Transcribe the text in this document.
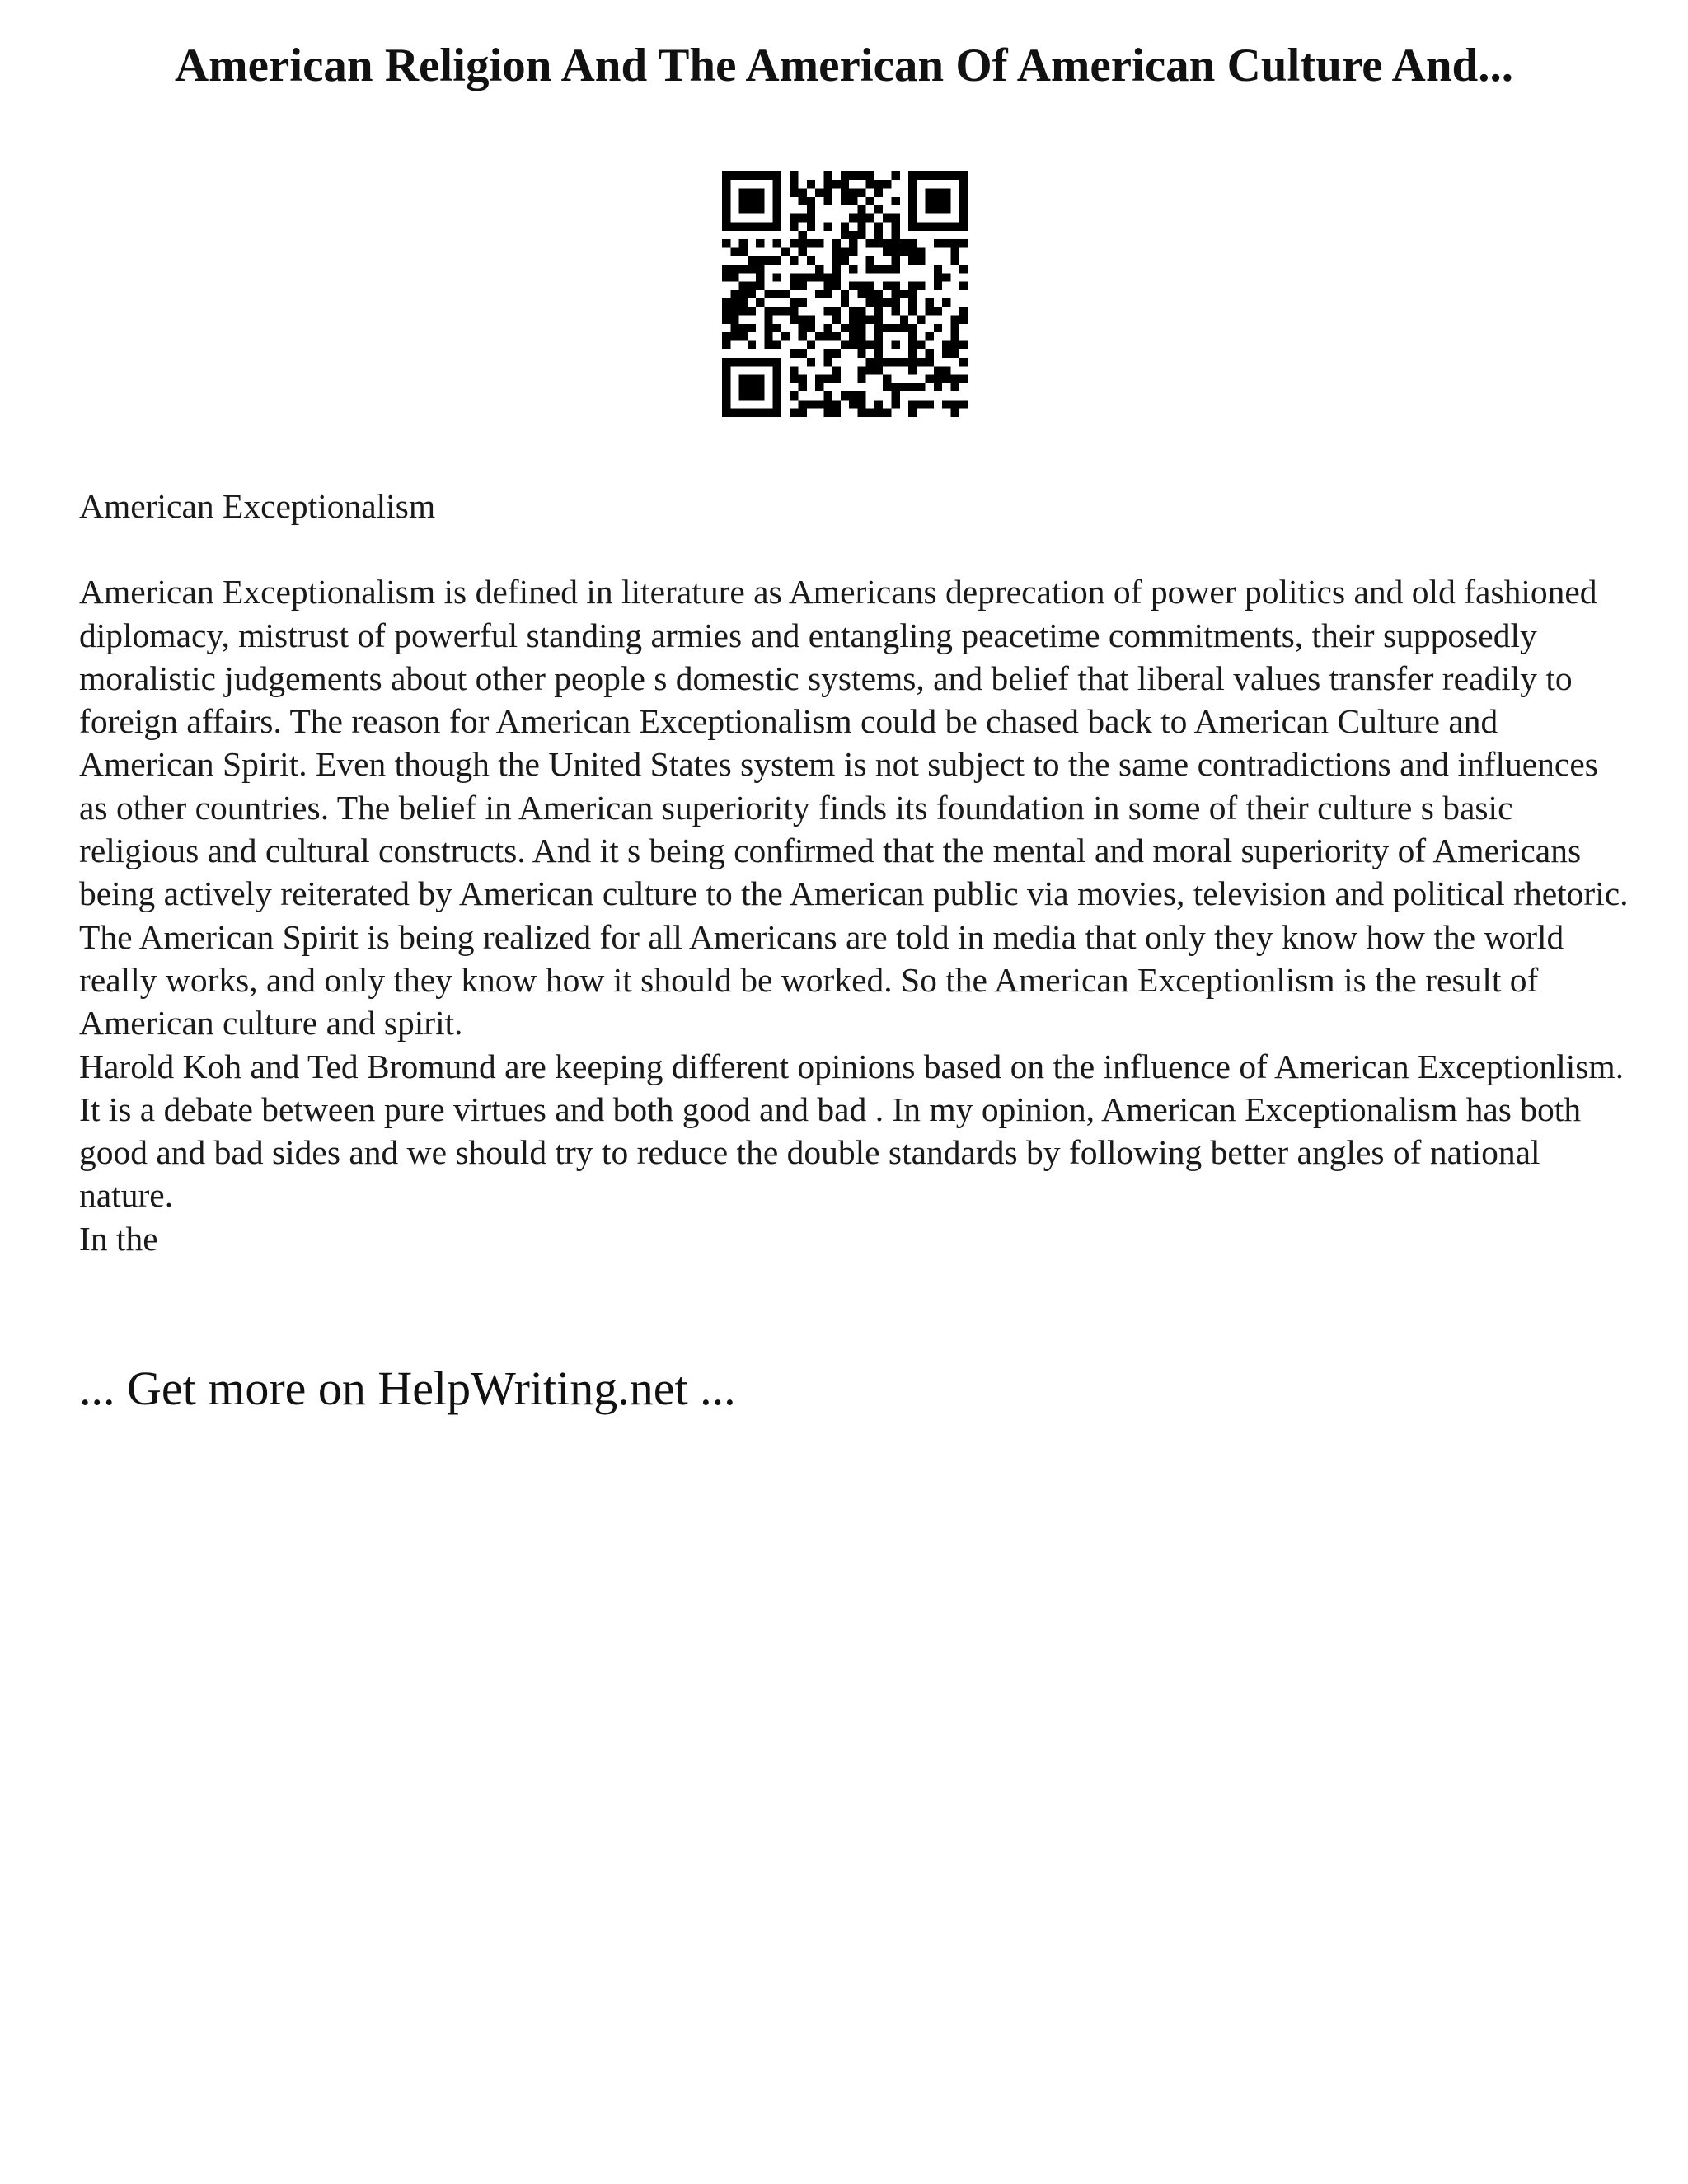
American Religion And The American Of American Culture And...

American Exceptionalism

American Exceptionalism is defined in literature as Americans deprecation of power politics and old fashioned diplomacy, mistrust of powerful standing armies and entangling peacetime commitments, their supposedly moralistic judgements about other people s domestic systems, and belief that liberal values transfer readily to foreign affairs. The reason for American Exceptionalism could be chased back to American Culture and American Spirit. Even though the United States system is not subject to the same contradictions and influences as other countries. The belief in American superiority finds its foundation in some of their culture s basic religious and cultural constructs. And it s being confirmed that the mental and moral superiority of Americans being actively reiterated by American culture to the American public via movies, television and political rhetoric. The American Spirit is being realized for all Americans are told in media that only they know how the world really works, and only they know how it should be worked. So the American Exceptionlism is the result of American culture and spirit.

Harold Koh and Ted Bromund are keeping different opinions based on the influence of American Exceptionlism. It is a debate between pure virtues and both good and bad . In my opinion, American Exceptionalism has both good and bad sides and we should try to reduce the double standards by following better angles of national nature.

In the

... Get more on HelpWriting.net ...
